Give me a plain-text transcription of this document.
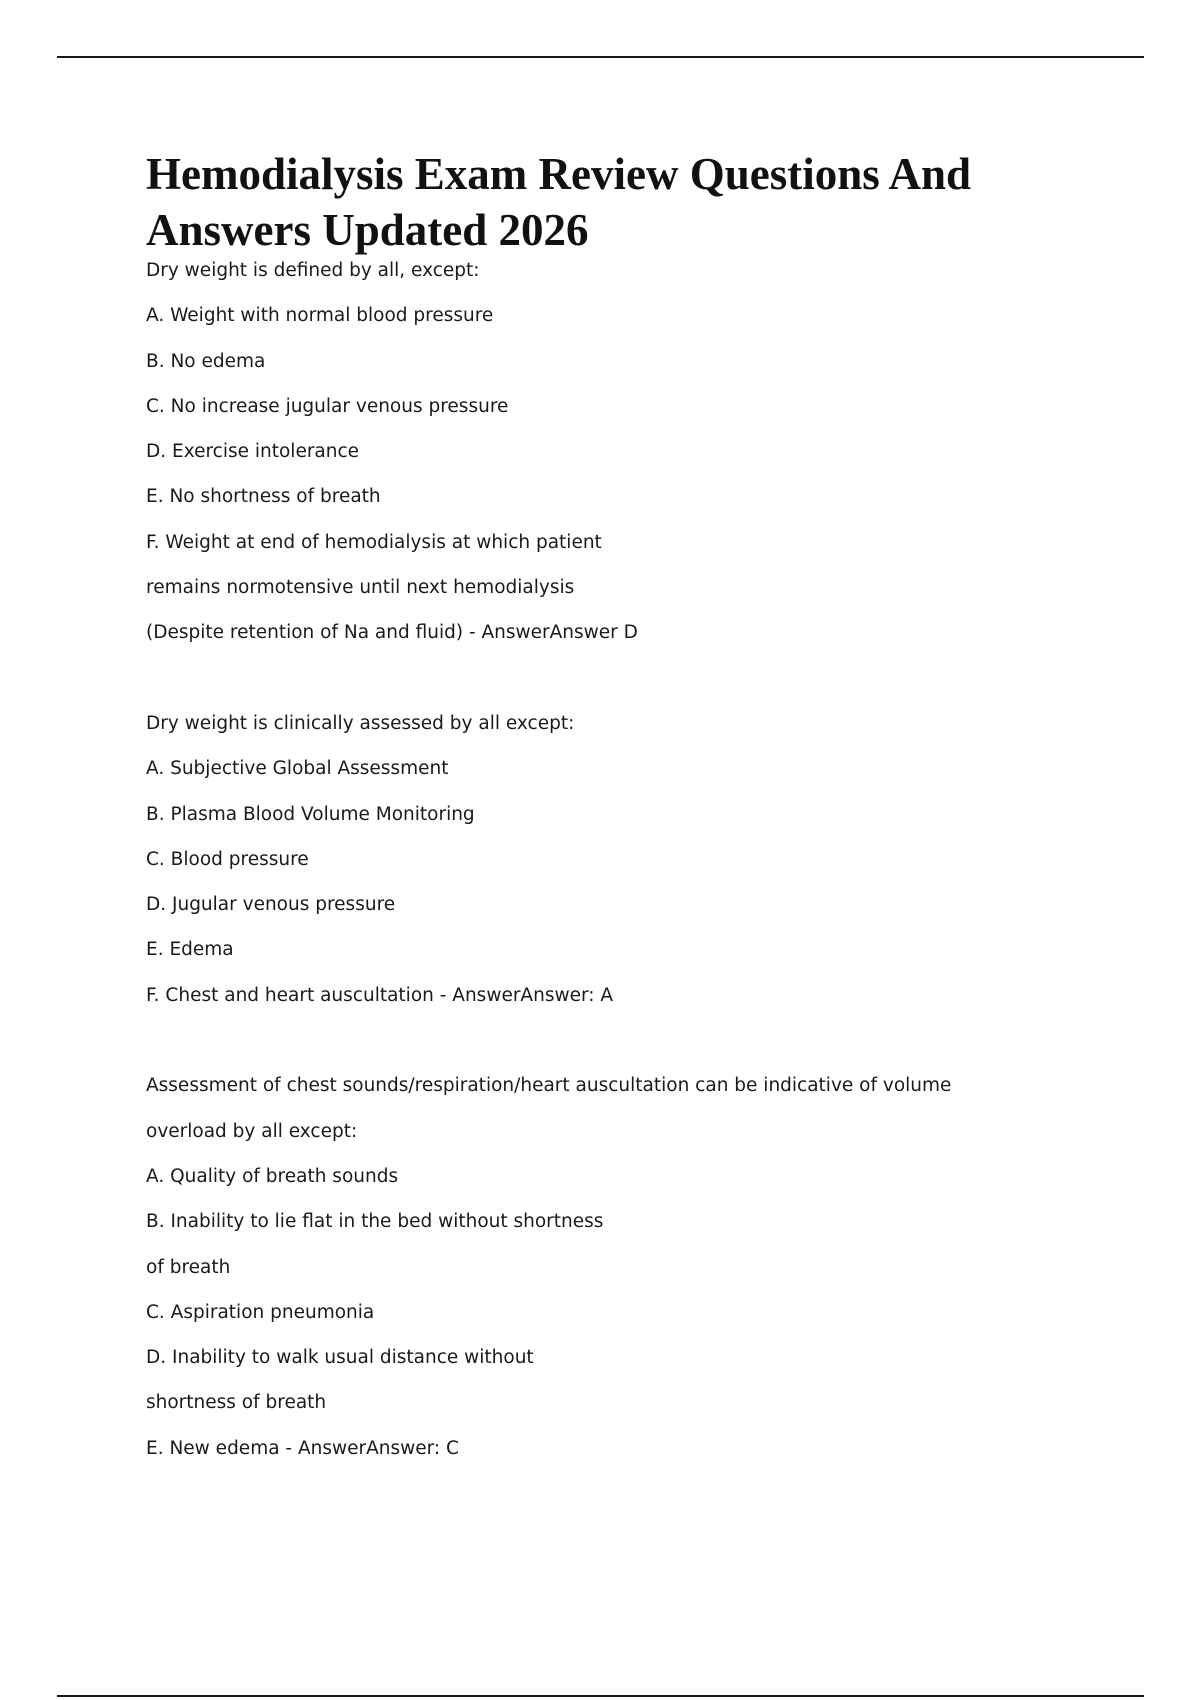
Hemodialysis Exam Review Questions And
Answers Updated 2026
Dry weight is defined by all, except:
A. Weight with normal blood pressure
B. No edema
C. No increase jugular venous pressure
D. Exercise intolerance
E. No shortness of breath
F. Weight at end of hemodialysis at which patient
remains normotensive until next hemodialysis
(Despite retention of Na and fluid) - AnswerAnswer D
Dry weight is clinically assessed by all except:
A. Subjective Global Assessment
B. Plasma Blood Volume Monitoring
C. Blood pressure
D. Jugular venous pressure
E. Edema
F. Chest and heart auscultation - AnswerAnswer: A
Assessment of chest sounds/respiration/heart auscultation can be indicative of volume
overload by all except:
A. Quality of breath sounds
B. Inability to lie flat in the bed without shortness
of breath
C. Aspiration pneumonia
D. Inability to walk usual distance without
shortness of breath
E. New edema - AnswerAnswer: C
